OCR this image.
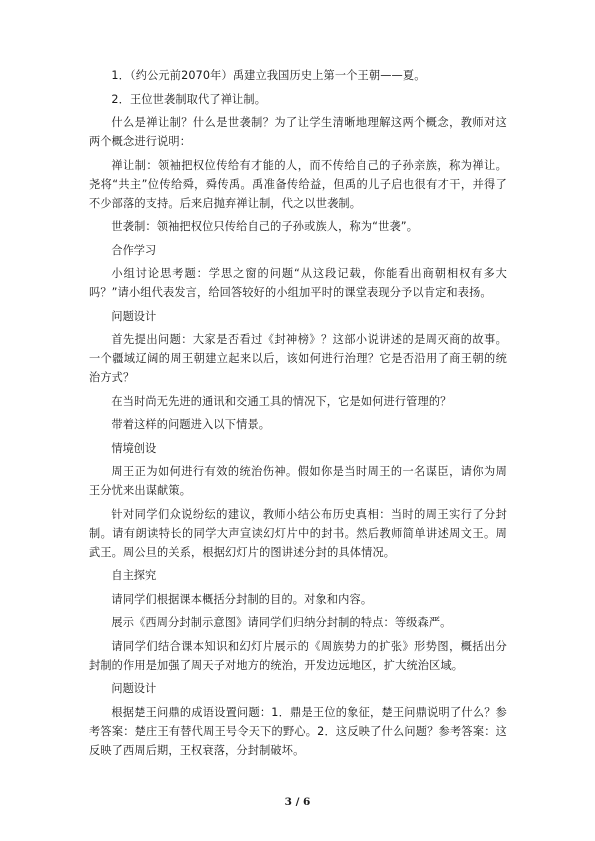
1．（约公元前2070年）禹建立我国历史上第一个王朝——夏。

2．王位世袭制取代了禅让制。

什么是禅让制？什么是世袭制？为了让学生清晰地理解这两个概念，教师对这两个概念进行说明：

禅让制：领袖把权位传给有才能的人，而不传给自己的子孙亲族，称为禅让。尧将“共主”位传给舜，舜传禹。禹准备传给益，但禹的儿子启也很有才干，并得了不少部落的支持。后来启抛弃禅让制，代之以世袭制。

世袭制：领袖把权位只传给自己的子孙或族人，称为“世袭”。

合作学习

小组讨论思考题：学思之窗的问题“从这段记载，你能看出商朝相权有多大吗？”请小组代表发言，给回答较好的小组加平时的课堂表现分予以肯定和表扬。

问题设计

首先提出问题：大家是否看过《封神榜》？这部小说讲述的是周灭商的故事。一个疆域辽阔的周王朝建立起来以后，该如何进行治理？它是否沿用了商王朝的统治方式？

在当时尚无先进的通讯和交通工具的情况下，它是如何进行管理的？

带着这样的问题进入以下情景。

情境创设

周王正为如何进行有效的统治伤神。假如你是当时周王的一名谋臣，请你为周王分忧来出谋献策。

针对同学们众说纷纭的建议，教师小结公布历史真相：当时的周王实行了分封制。请有朗读特长的同学大声宣读幻灯片中的封书。然后教师简单讲述周文王。周武王。周公旦的关系，根据幻灯片的图讲述分封的具体情况。

自主探究

请同学们根据课本概括分封制的目的。对象和内容。

展示《西周分封制示意图》请同学们归纳分封制的特点：等级森严。

请同学们结合课本知识和幻灯片展示的《周族势力的扩张》形势图，概括出分封制的作用是加强了周天子对地方的统治，开发边远地区，扩大统治区域。

问题设计

根据楚王问鼎的成语设置问题：1．鼎是王位的象征，楚王问鼎说明了什么？参考答案：楚庄王有替代周王号令天下的野心。2．这反映了什么问题？参考答案：这反映了西周后期，王权衰落，分封制破坏。

3 / 6
